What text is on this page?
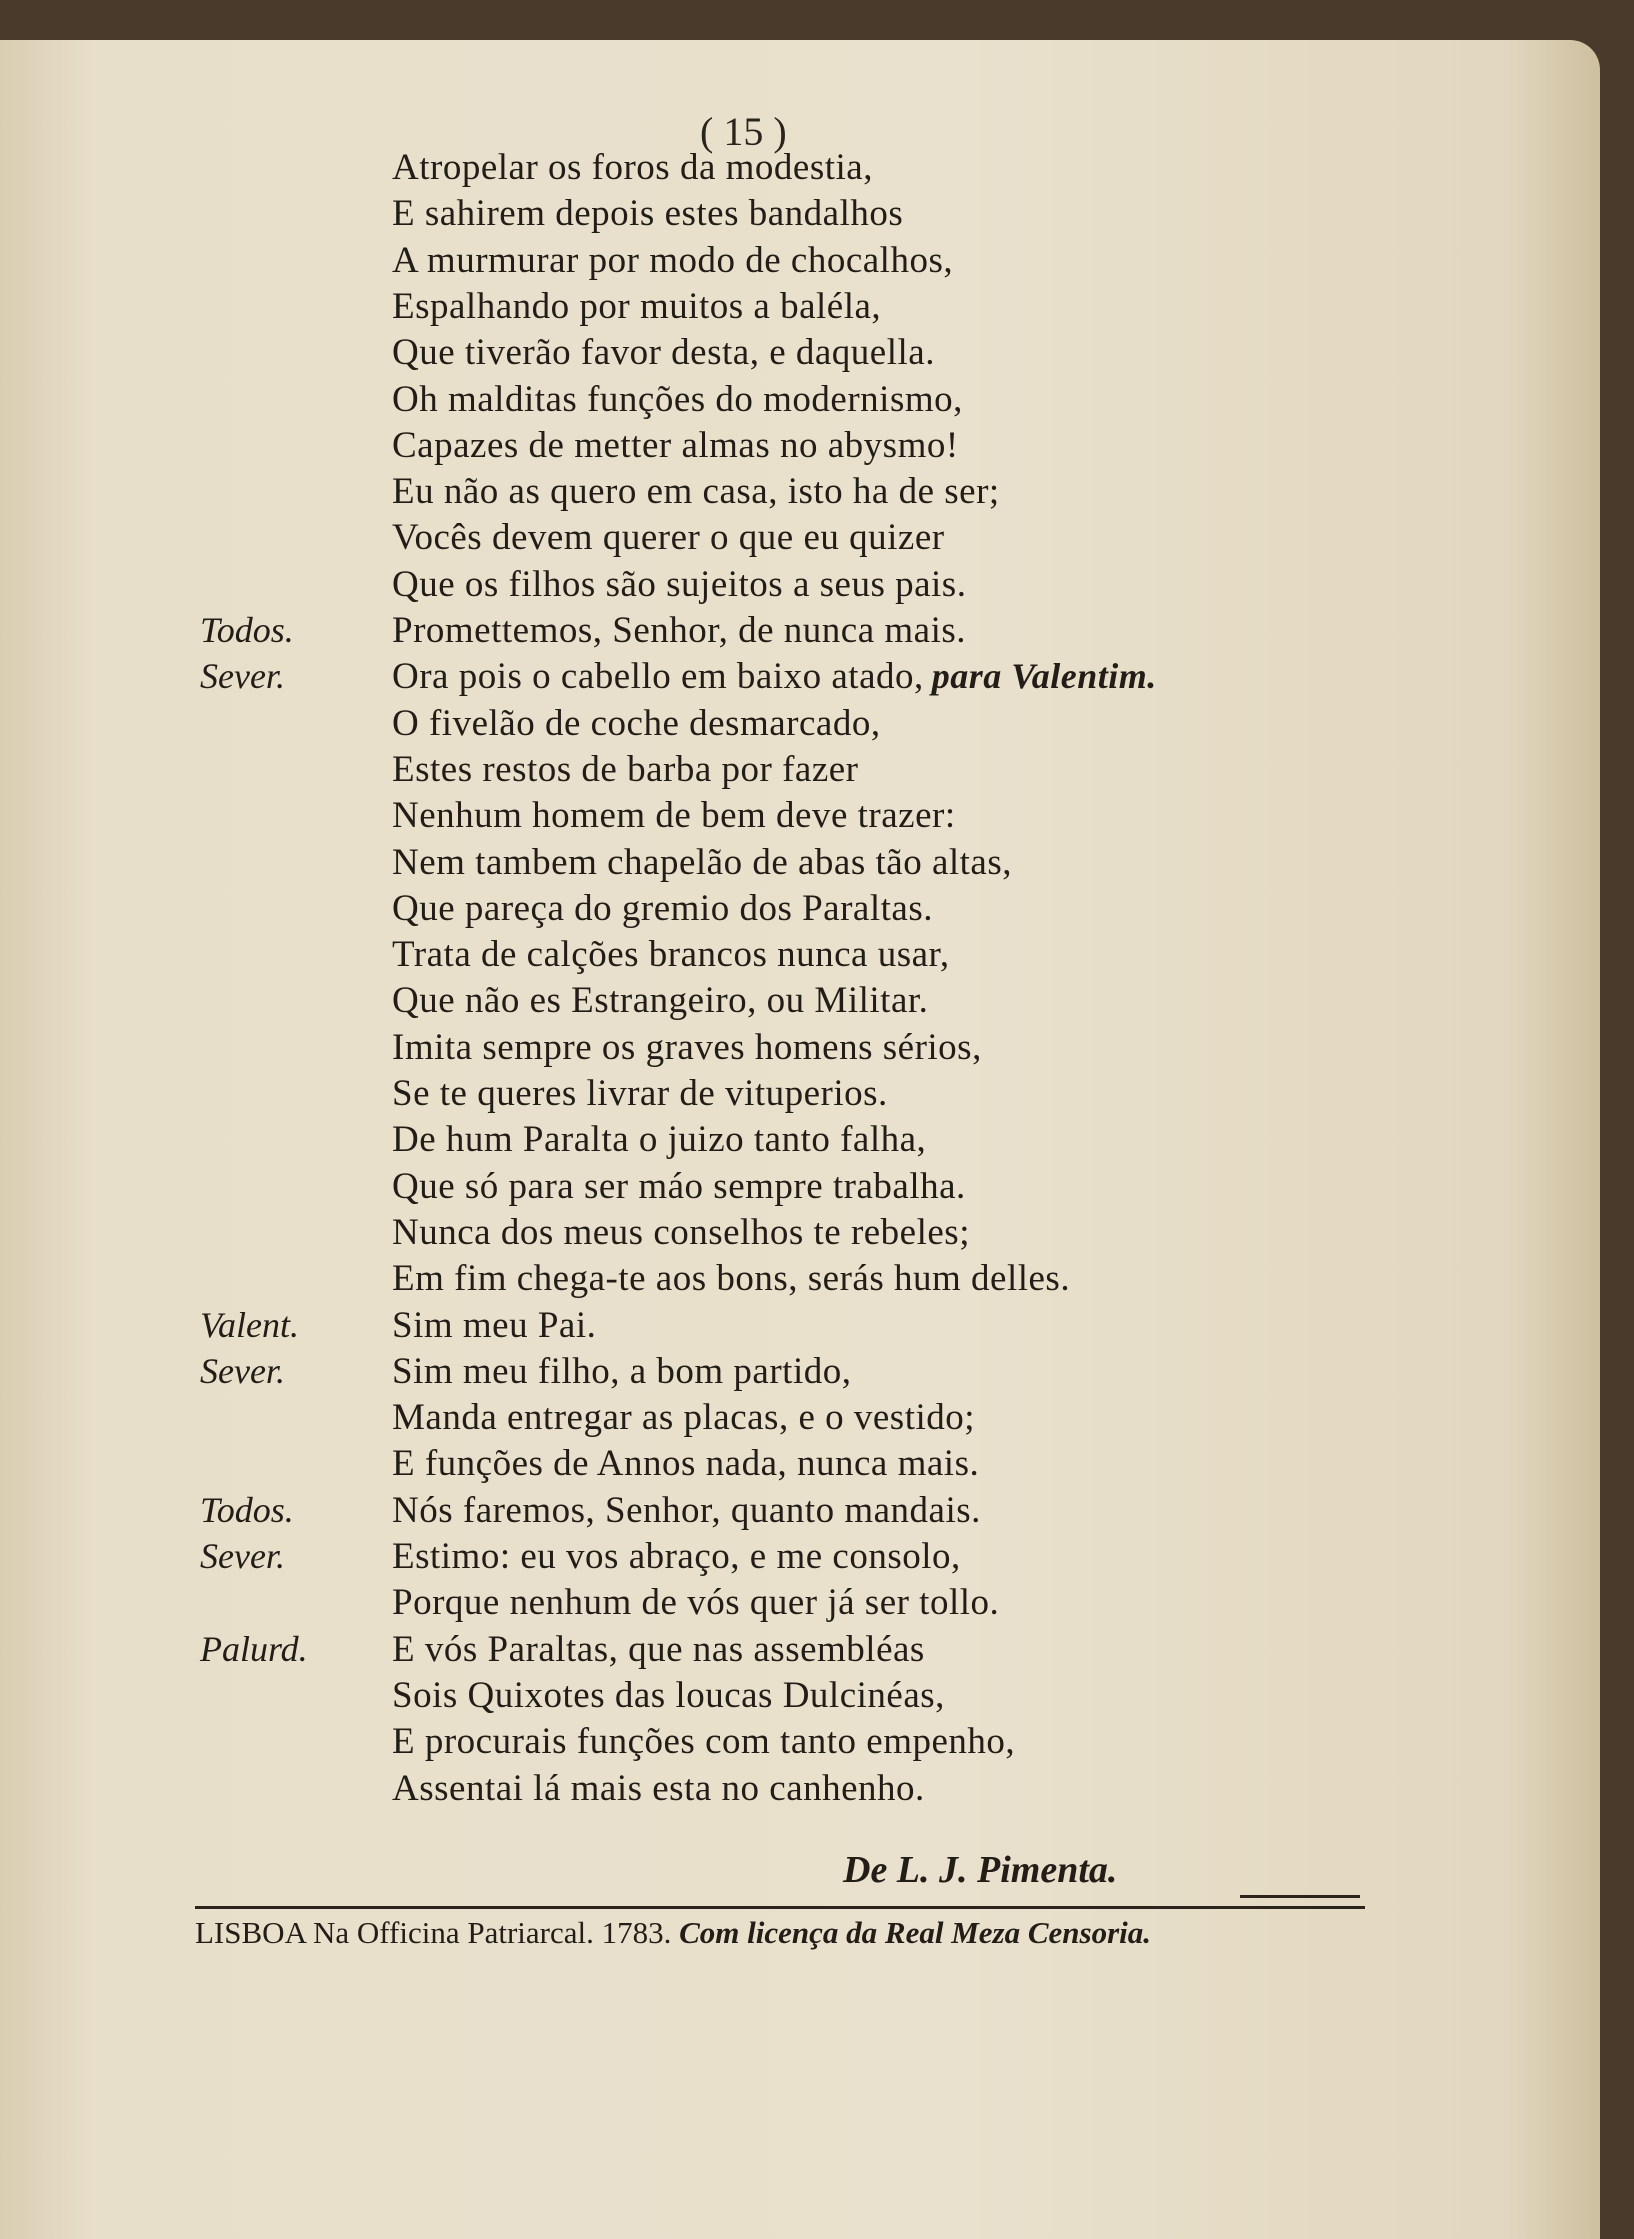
( 15 )
Atropelar os foros da modestia,
E sahirem depois estes bandalhos
A murmurar por modo de chocalhos,
Espalhando por muitos a baléla,
Que tiverão favor desta, e daquella.
Oh malditas funções do modernismo,
Capazes de metter almas no abysmo!
Eu não as quero em casa, isto ha de ser;
Vocês devem querer o que eu quizer
Que os filhos são sujeitos a seus pais.
Todos.	Promettemos, Senhor, de nunca mais.
Sever.	Ora pois o cabello em baixo atado, para Valentim.
O fivelão de coche desmarcado,
Estes restos de barba por fazer
Nenhum homem de bem deve trazer:
Nem tambem chapelão de abas tão altas,
Que pareça do gremio dos Paraltas.
Trata de calções brancos nunca usar,
Que não es Estrangeiro, ou Militar.
Imita sempre os graves homens sérios,
Se te queres livrar de vituperios.
De hum Paralta o juizo tanto falha,
Que só para ser máo sempre trabalha.
Nunca dos meus conselhos te rebeles;
Em fim chega-te aos bons, serás hum delles.
Valent.	Sim meu Pai.
Sever.	Sim meu filho, a bom partido,
Manda entregar as placas, e o vestido;
E funções de Annos nada, nunca mais.
Todos.	Nós faremos, Senhor, quanto mandais.
Sever.	Estimo: eu vos abraço, e me consolo,
Porque nenhum de vós quer já ser tollo.
Palurd. E vós Paraltas, que nas assembléas
Sois Quixotes das loucas Dulcinéas,
E procurais funções com tanto empenho,
Assentai lá mais esta no canhenho.
De L. J. Pimenta.
LISBOA Na Officina Patriarcal. 1783. Com licença da Real Meza Censoria.
